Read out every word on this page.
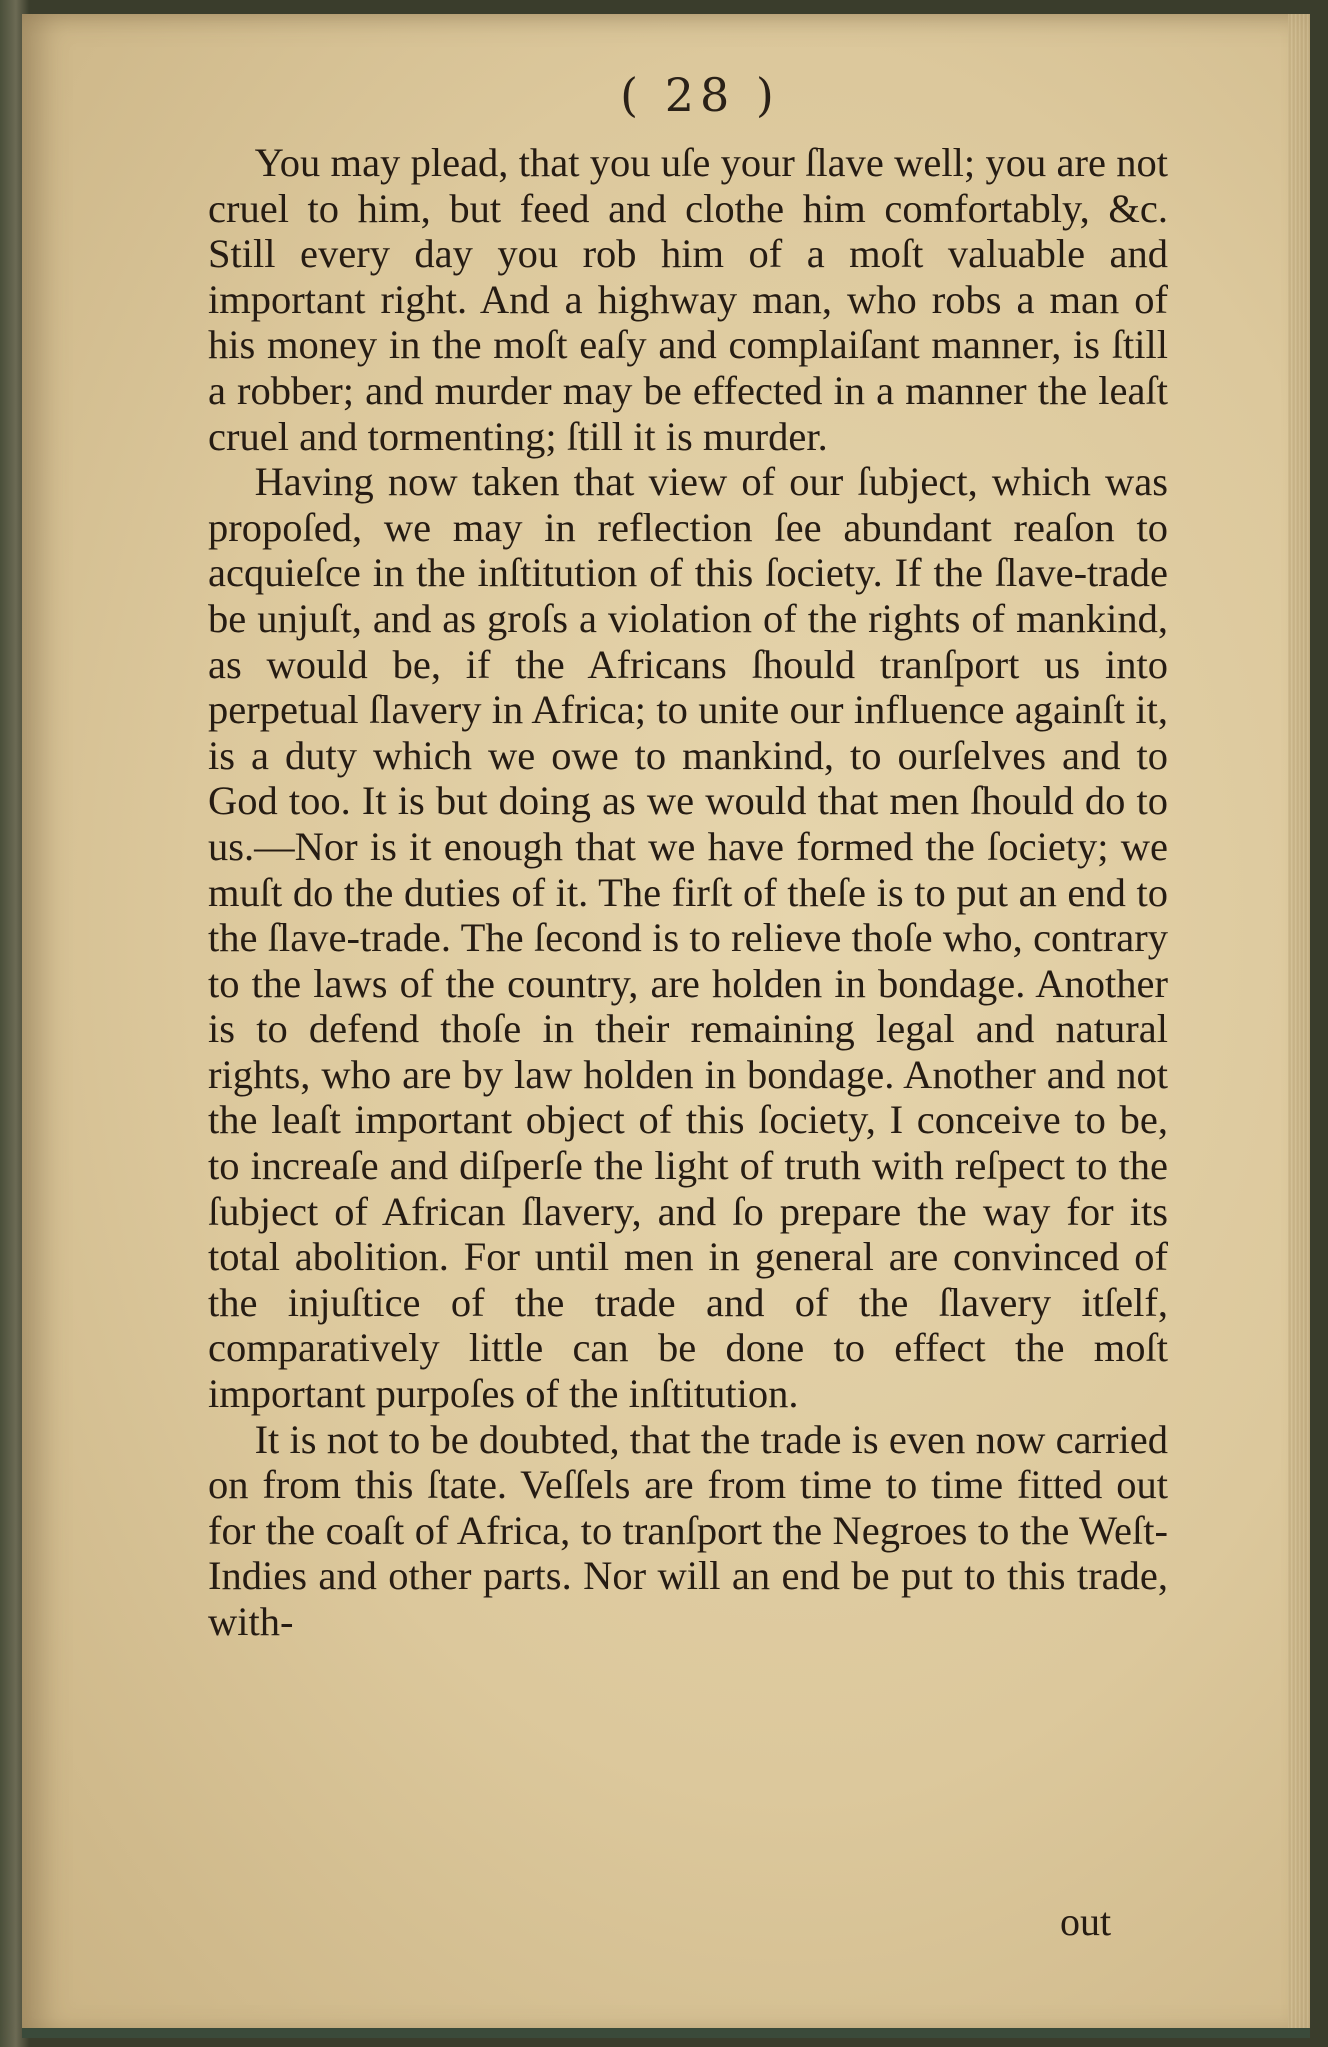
( 28 )

You may plead, that you uſe your ſlave well; you are not cruel to him, but feed and clothe him comfortably, &c. Still every day you rob him of a moſt valuable and important right. And a highway man, who robs a man of his money in the moſt eaſy and complaiſant manner, is ſtill a robber; and murder may be effected in a manner the leaſt cruel and tormenting; ſtill it is murder.

Having now taken that view of our ſubject, which was propoſed, we may in reflection ſee abundant reaſon to acquieſce in the inſtitution of this ſociety. If the ſlave-trade be unjuſt, and as groſs a violation of the rights of mankind, as would be, if the Africans ſhould tranſport us into perpetual ſlavery in Africa; to unite our influence againſt it, is a duty which we owe to mankind, to ourſelves and to God too. It is but doing as we would that men ſhould do to us.—Nor is it enough that we have formed the ſociety; we muſt do the duties of it. The firſt of theſe is to put an end to the ſlave-trade. The ſecond is to relieve thoſe who, contrary to the laws of the country, are holden in bondage. Another is to defend thoſe in their remaining legal and natural rights, who are by law holden in bondage. Another and not the leaſt important object of this ſociety, I conceive to be, to increaſe and diſperſe the light of truth with reſpect to the ſubject of African ſlavery, and ſo prepare the way for its total abolition. For until men in general are convinced of the injuſtice of the trade and of the ſlavery itſelf, comparatively little can be done to effect the moſt important purpoſes of the inſtitution.

It is not to be doubted, that the trade is even now carried on from this ſtate. Veſſels are from time to time fitted out for the coaſt of Africa, to tranſport the Negroes to the Weſt-Indies and other parts. Nor will an end be put to this trade, with-

out
